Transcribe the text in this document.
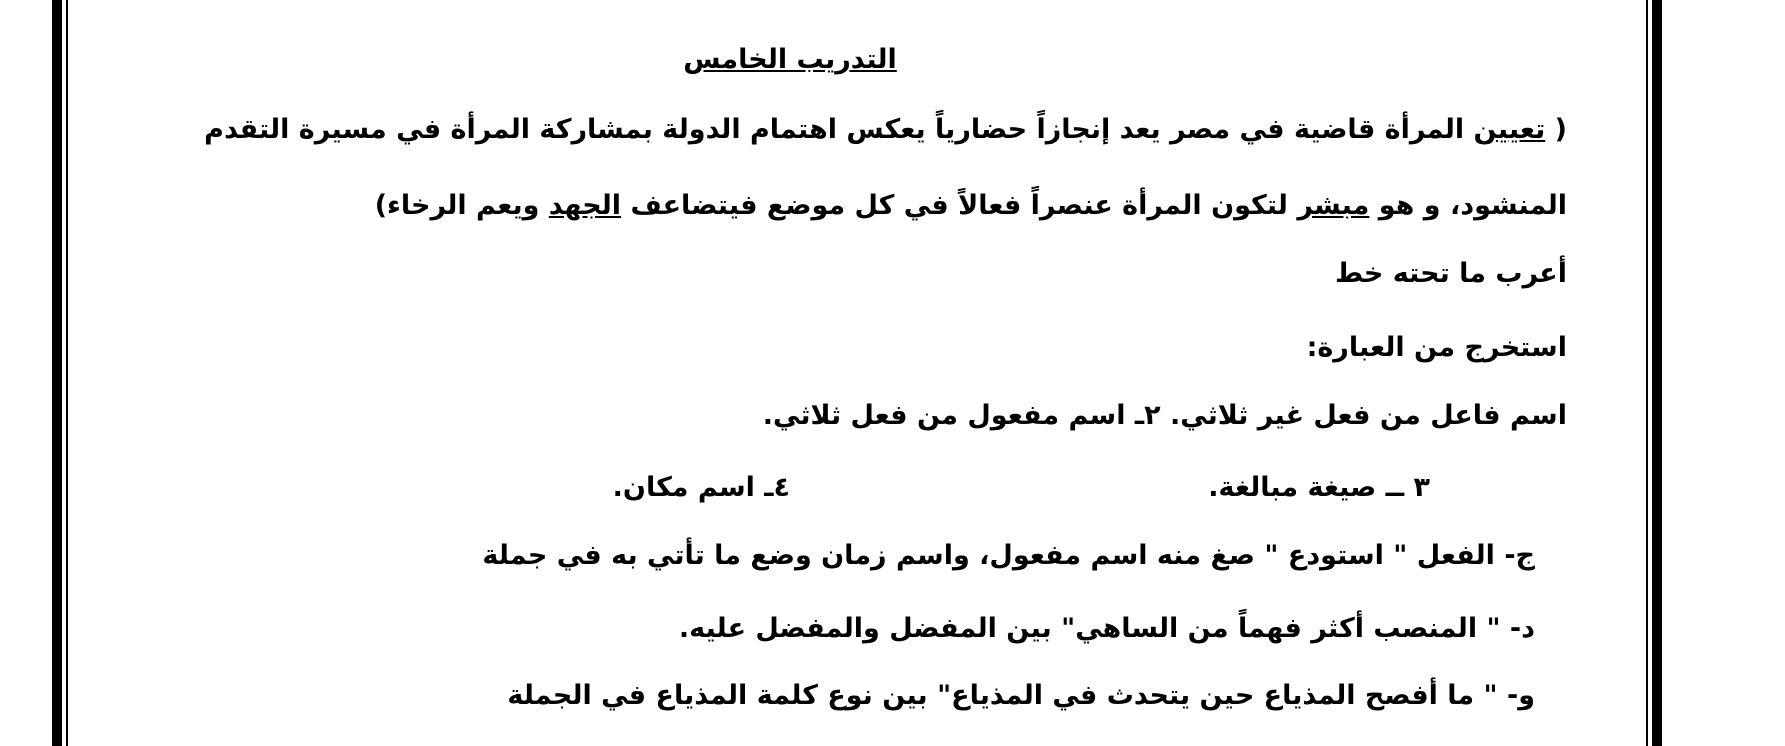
التدريب الخامس
( تعيين المرأة قاضية في مصر يعد إنجازاً حضارياً يعكس اهتمام الدولة بمشاركة المرأة في مسيرة التقدم
المنشود، و هو مبشر لتكون المرأة عنصراً فعالاً في كل موضع فيتضاعف الجهد ويعم الرخاء)
أعرب ما تحته خط
استخرج من العبارة:
اسم فاعل من فعل غير ثلاثي. ٢ـ اسم مفعول من فعل ثلاثي.
٣ ــ صيغة مبالغة.
٤ـ اسم مكان.
ج- الفعل " استودع " صغ منه اسم مفعول، واسم زمان وضع ما تأتي به في جملة
د- " المنصب أكثر فهماً من الساهي" بين المفضل والمفضل عليه.
و- " ما أفصح المذياع حين يتحدث في المذياع" بين نوع كلمة المذياع في الجملة
